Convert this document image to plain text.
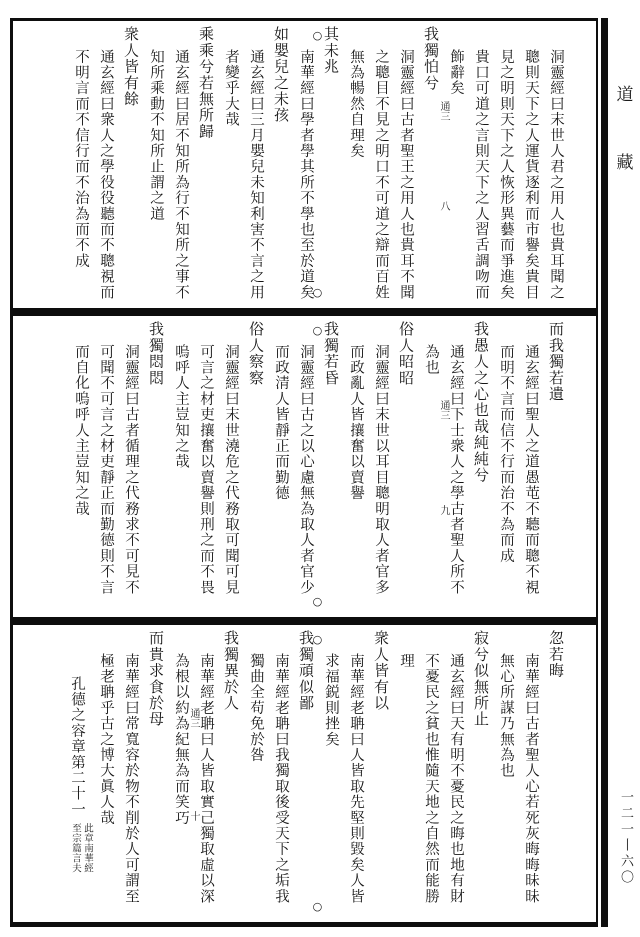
洞靈經曰末世人君之用人也貴耳聞之
聰則天下之人運貨逐利而市譽矣貴目
見之明則天下之人恢形異藝而爭進矣
貴口可道之言則天下之人習舌調吻而
飾辭矣
通三
八
我獨怕兮
洞靈經曰古者聖王之用人也貴耳不聞
之聰目不見之明口不可道之辯而百姓
無為暢然自理矣
其未兆
○
○
南華經曰學者學其所不學也至於道矣
如嬰兒之未孩
通玄經曰三月嬰兒未知利害不言之用
者變乎大哉
乘乘兮若無所歸
通玄經曰居不知所為行不知所之事不
知所乘動不知所止謂之道
衆人皆有餘
通玄經曰衆人之學役役聽而不聰視而
不明言而不信行而不治為而不成
而我獨若遺
通玄經曰聖人之道愚芚不聽而聰不視
而明不言而信不行而治不為而成
我愚人之心也哉純純兮
通玄經曰下士衆人之學古者聖人所不
通三
九
為也
俗人昭昭
洞靈經曰末世以耳目聰明取人者官多
而政亂人皆攘奮以賣譽
我獨若昏
○
○
洞靈經曰古之以心慮無為取人者官少
而政清人皆靜正而勤德
俗人察察
洞靈經曰末世澆危之代務取可聞可見
可言之材吏攘奮以賣譽則刑之而不畏
嗚呼人主豈知之哉
我獨悶悶
洞靈經曰古者循理之代務求不可見不
可聞不可言之材吏靜正而勤德則不言
而自化嗚呼人主豈知之哉
忽若晦
南華經曰古者聖人心若死灰晦晦昧昧
無心所謀乃無為也
寂兮似無所止
通玄經曰天有明不憂民之晦也地有財
不憂民之貧也惟隨天地之自然而能勝
理
衆人皆有以
南華經老聃曰人皆取先堅則毀矣人皆
求福鋭則挫矣
○
○
我獨頑似鄙
南華經老聃曰我獨取後受天下之垢我
獨曲全苟免於咎
我獨異於人
南華經老聃曰人皆取實己獨取虛以深
通三
十
為根以約為紀無為而笑巧
而貴求食於母
南華經曰常寬容於物不削於人可謂至
極老聃乎古之博大眞人哉
孔德之容章第二十一
此章南華經
至宗篇言夫
道
藏
一二一丨六〇
